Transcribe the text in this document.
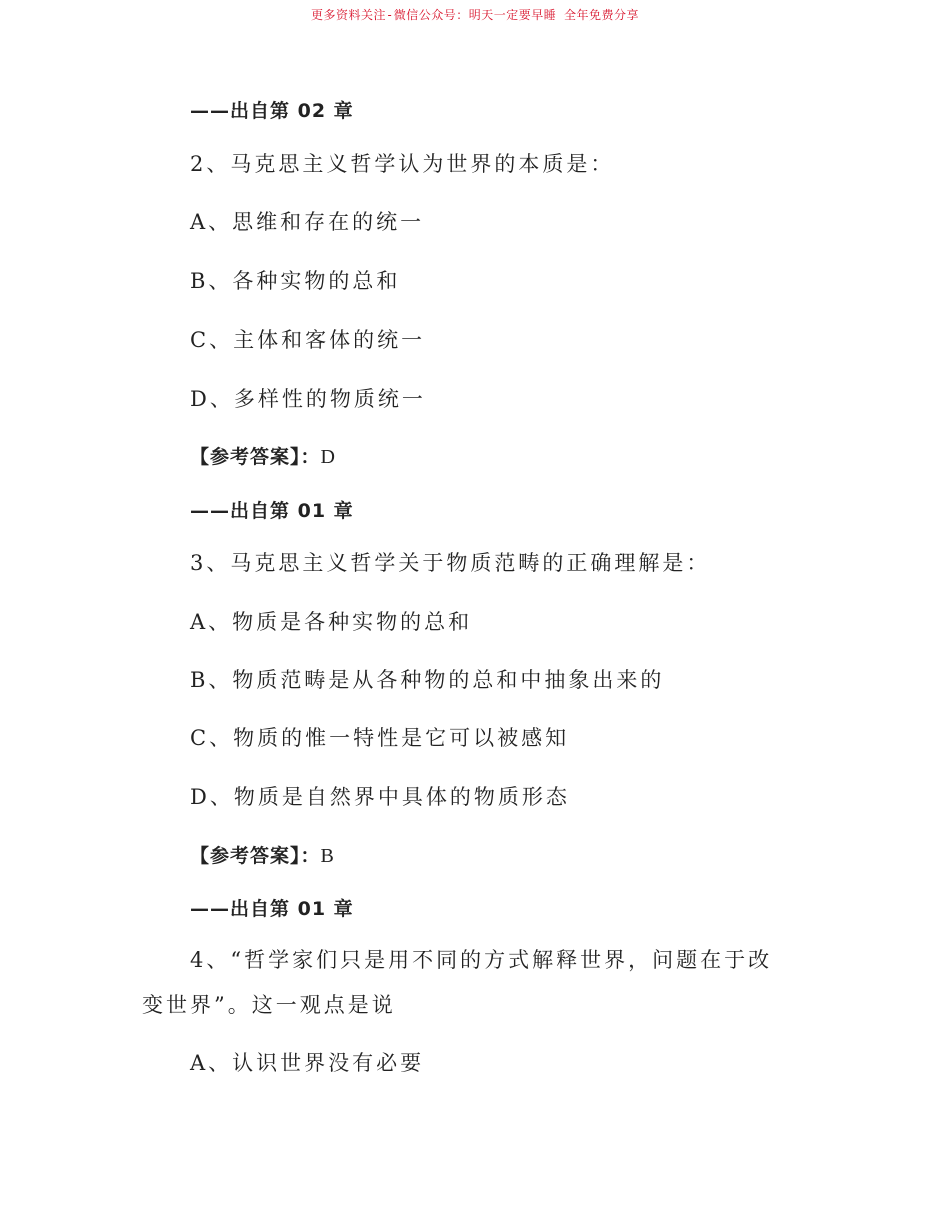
更多资料关注-微信公众号：明天一定要早睡 全年免费分享
——出自第 02 章
2、马克思主义哲学认为世界的本质是：
A、思维和存在的统一
B、各种实物的总和
C、主体和客体的统一
D、多样性的物质统一
【参考答案】：D
——出自第 01 章
3、马克思主义哲学关于物质范畴的正确理解是：
A、物质是各种实物的总和
B、物质范畴是从各种物的总和中抽象出来的
C、物质的惟一特性是它可以被感知
D、物质是自然界中具体的物质形态
【参考答案】：B
——出自第 01 章
4、“哲学家们只是用不同的方式解释世界，问题在于改
变世界”。这一观点是说
A、认识世界没有必要
